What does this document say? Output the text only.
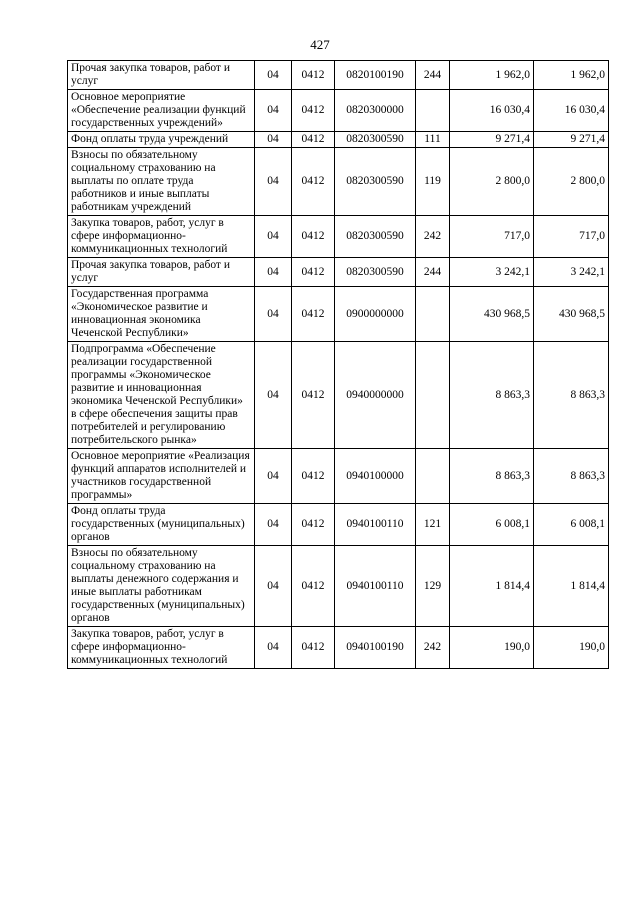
427
Прочая закупка товаров, работ и услуг	04	0412	0820100190	244	1 962,0	1 962,0
Основное мероприятие «Обеспечение реализации функций государственных учреждений»	04	0412	0820300000		16 030,4	16 030,4
Фонд оплаты труда учреждений	04	0412	0820300590	111	9 271,4	9 271,4
Взносы по обязательному социальному страхованию на выплаты по оплате труда работников и иные выплаты работникам учреждений	04	0412	0820300590	119	2 800,0	2 800,0
Закупка товаров, работ, услуг в сфере информационно-коммуникационных технологий	04	0412	0820300590	242	717,0	717,0
Прочая закупка товаров, работ и услуг	04	0412	0820300590	244	3 242,1	3 242,1
Государственная программа «Экономическое развитие и инновационная экономика Чеченской Республики»	04	0412	0900000000		430 968,5	430 968,5
Подпрограмма «Обеспечение реализации государственной программы «Экономическое развитие и инновационная экономика Чеченской Республики» в сфере обеспечения защиты прав потребителей и регулированию потребительского рынка»	04	0412	0940000000		8 863,3	8 863,3
Основное мероприятие «Реализация функций аппаратов исполнителей и участников государственной программы»	04	0412	0940100000		8 863,3	8 863,3
Фонд оплаты труда государственных (муниципальных) органов	04	0412	0940100110	121	6 008,1	6 008,1
Взносы по обязательному социальному страхованию на выплаты денежного содержания и иные выплаты работникам государственных (муниципальных) органов	04	0412	0940100110	129	1 814,4	1 814,4
Закупка товаров, работ, услуг в сфере информационно-коммуникационных технологий	04	0412	0940100190	242	190,0	190,0
